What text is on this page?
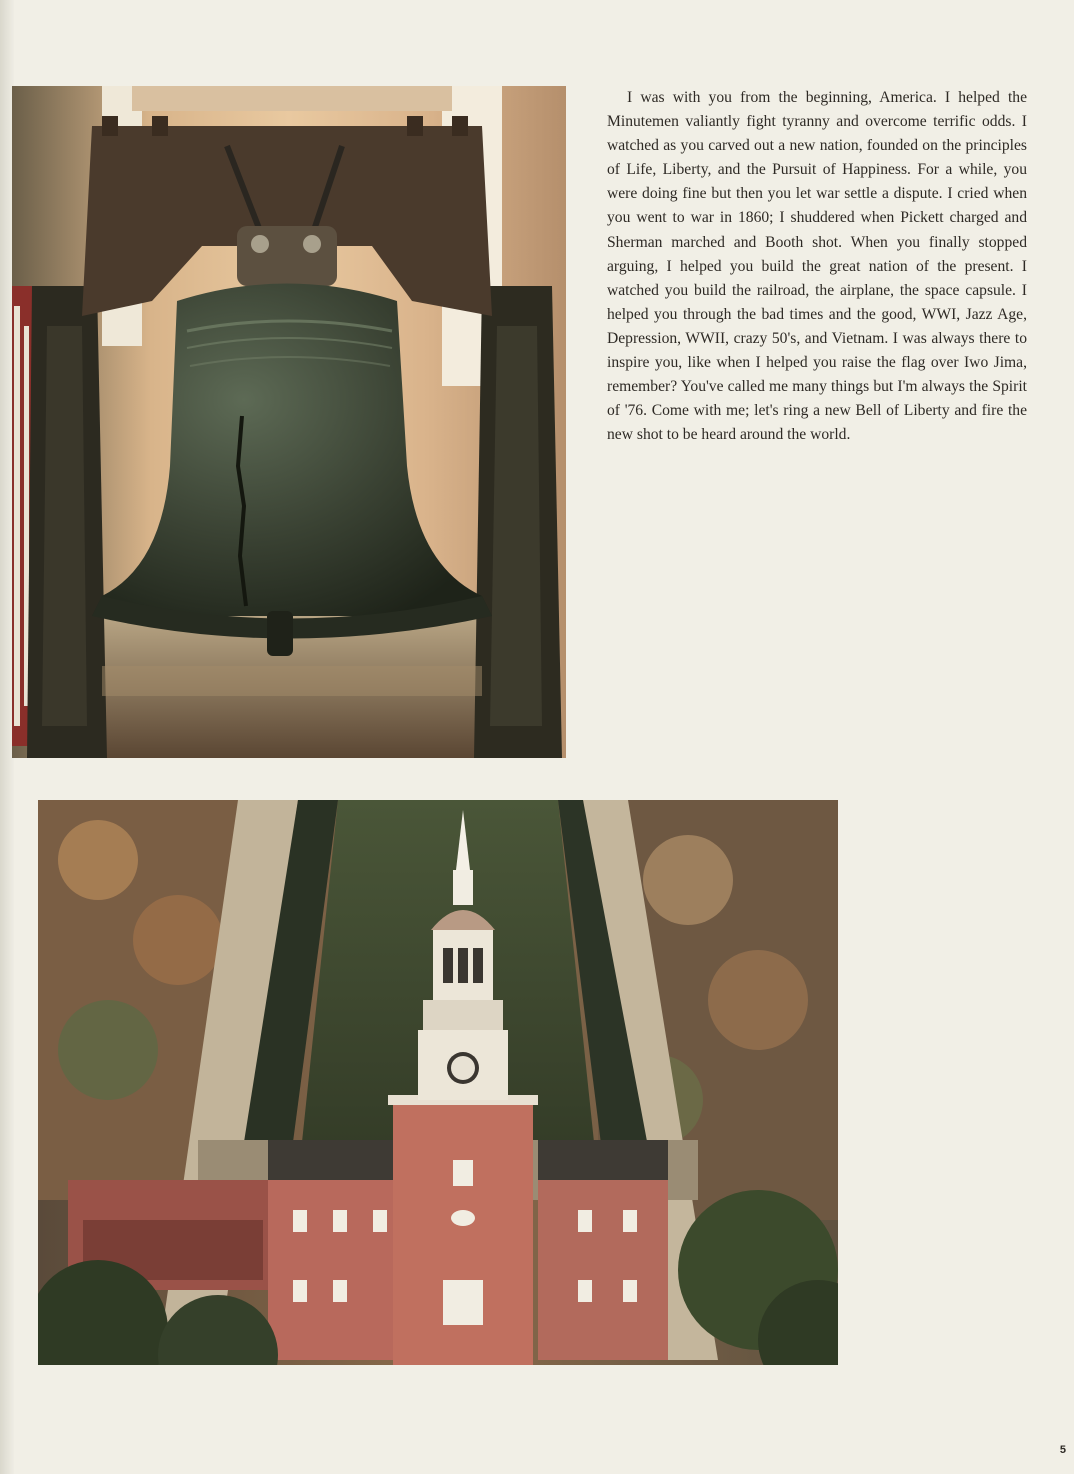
I was with you from the beginning, America. I helped the Minutemen valiantly fight tyranny and overcome terrific odds. I watched as you carved out a new nation, founded on the principles of Life, Liberty, and the Pursuit of Happiness. For a while, you were doing fine but then you let war settle a dispute. I cried when you went to war in 1860; I shuddered when Pickett charged and Sherman marched and Booth shot. When you finally stopped arguing, I helped you build the great nation of the present. I watched you build the railroad, the airplane, the space capsule. I helped you through the bad times and the good, WWI, Jazz Age, Depression, WWII, crazy 50's, and Vietnam. I was always there to inspire you, like when I helped you raise the flag over Iwo Jima, remember? You've called me many things but I'm always the Spirit of '76. Come with me; let's ring a new Bell of Liberty and fire the new shot to be heard around the world.

5
